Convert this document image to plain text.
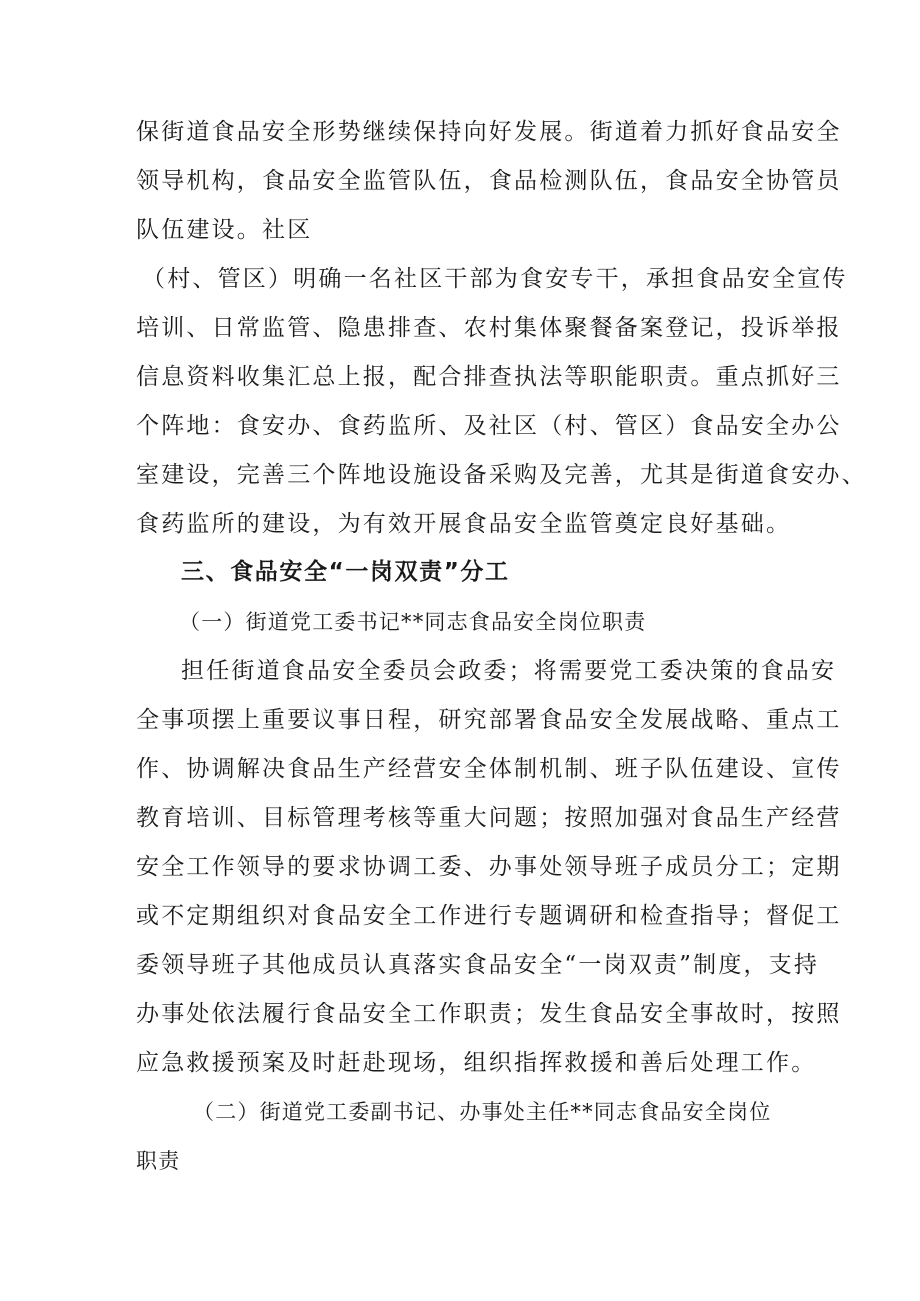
保街道食品安全形势继续保持向好发展。街道着力抓好食品安全
领导机构，食品安全监管队伍，食品检测队伍，食品安全协管员
队伍建设。社区
（村、管区）明确一名社区干部为食安专干，承担食品安全宣传
培训、日常监管、隐患排查、农村集体聚餐备案登记，投诉举报
信息资料收集汇总上报，配合排查执法等职能职责。重点抓好三
个阵地：食安办、食药监所、及社区（村、管区）食品安全办公
室建设，完善三个阵地设施设备采购及完善，尤其是街道食安办、
食药监所的建设，为有效开展食品安全监管奠定良好基础。
三、食品安全“一岗双责”分工
（一）街道党工委书记**同志食品安全岗位职责
担任街道食品安全委员会政委；将需要党工委决策的食品安
全事项摆上重要议事日程，研究部署食品安全发展战略、重点工
作、协调解决食品生产经营安全体制机制、班子队伍建设、宣传
教育培训、目标管理考核等重大问题；按照加强对食品生产经营
安全工作领导的要求协调工委、办事处领导班子成员分工；定期
或不定期组织对食品安全工作进行专题调研和检查指导；督促工
委领导班子其他成员认真落实食品安全“一岗双责”制度，支持
办事处依法履行食品安全工作职责；发生食品安全事故时，按照
应急救援预案及时赶赴现场，组织指挥救援和善后处理工作。
（二）街道党工委副书记、办事处主任**同志食品安全岗位
职责
